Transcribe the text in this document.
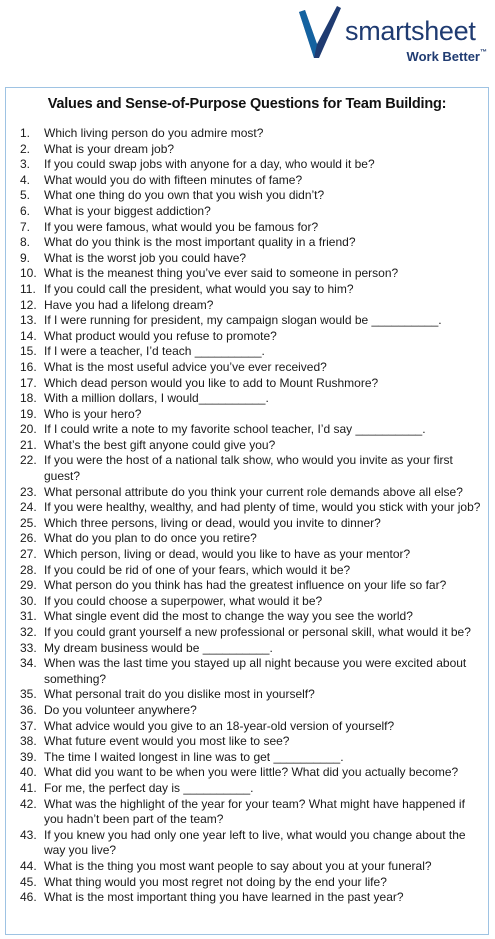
smartsheet
Work Better™
Values and Sense-of-Purpose Questions for Team Building:
1.	Which living person do you admire most?
2.	What is your dream job?
3.	If you could swap jobs with anyone for a day, who would it be?
4.	What would you do with fifteen minutes of fame?
5.	What one thing do you own that you wish you didn’t?
6.	What is your biggest addiction?
7.	If you were famous, what would you be famous for?
8.	What do you think is the most important quality in a friend?
9.	What is the worst job you could have?
10. What is the meanest thing you’ve ever said to someone in person?
11. If you could call the president, what would you say to him?
12. Have you had a lifelong dream?
13. If I were running for president, my campaign slogan would be __________.
14. What product would you refuse to promote?
15. If I were a teacher, I’d teach __________.
16. What is the most useful advice you’ve ever received?
17. Which dead person would you like to add to Mount Rushmore?
18. With a million dollars, I would__________.
19. Who is your hero?
20. If I could write a note to my favorite school teacher, I’d say __________.
21. What’s the best gift anyone could give you?
22. If you were the host of a national talk show, who would you invite as your first guest?
23. What personal attribute do you think your current role demands above all else?
24. If you were healthy, wealthy, and had plenty of time, would you stick with your job?
25. Which three persons, living or dead, would you invite to dinner?
26. What do you plan to do once you retire?
27. Which person, living or dead, would you like to have as your mentor?
28. If you could be rid of one of your fears, which would it be?
29. What person do you think has had the greatest influence on your life so far?
30. If you could choose a superpower, what would it be?
31. What single event did the most to change the way you see the world?
32. If you could grant yourself a new professional or personal skill, what would it be?
33. My dream business would be __________.
34. When was the last time you stayed up all night because you were excited about something?
35. What personal trait do you dislike most in yourself?
36. Do you volunteer anywhere?
37. What advice would you give to an 18-year-old version of yourself?
38. What future event would you most like to see?
39. The time I waited longest in line was to get __________.
40. What did you want to be when you were little? What did you actually become?
41. For me, the perfect day is __________.
42. What was the highlight of the year for your team? What might have happened if you hadn’t been part of the team?
43. If you knew you had only one year left to live, what would you change about the way you live?
44. What is the thing you most want people to say about you at your funeral?
45. What thing would you most regret not doing by the end your life?
46. What is the most important thing you have learned in the past year?
